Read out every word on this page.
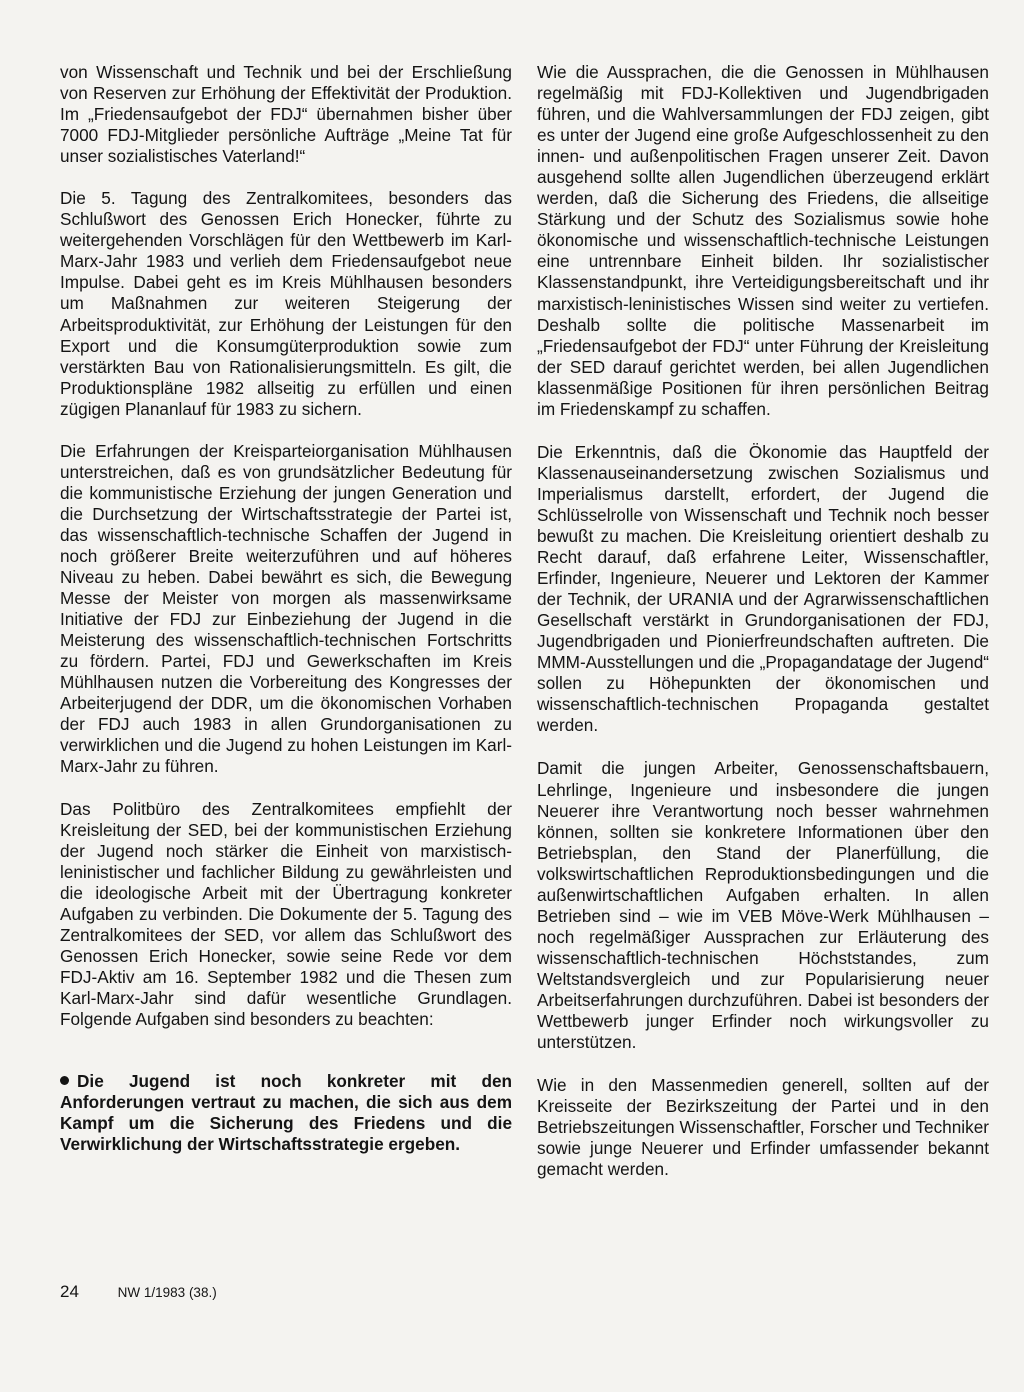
von Wissenschaft und Technik und bei der Erschließung von Reserven zur Erhöhung der Effektivität der Produktion. Im „Friedensaufgebot der FDJ“ übernahmen bisher über 7000 FDJ-Mitglieder persönliche Aufträge „Meine Tat für unser sozialistisches Vaterland!“

Die 5. Tagung des Zentralkomitees, besonders das Schlußwort des Genossen Erich Honecker, führte zu weitergehenden Vorschlägen für den Wettbewerb im Karl-Marx-Jahr 1983 und verlieh dem Friedensaufgebot neue Impulse. Dabei geht es im Kreis Mühlhausen besonders um Maßnahmen zur weiteren Steigerung der Arbeitsproduktivität, zur Erhöhung der Leistungen für den Export und die Konsumgüterproduktion sowie zum verstärkten Bau von Rationalisierungsmitteln. Es gilt, die Produktionspläne 1982 allseitig zu erfüllen und einen zügigen Plananlauf für 1983 zu sichern.

Die Erfahrungen der Kreisparteiorganisation Mühlhausen unterstreichen, daß es von grundsätzlicher Bedeutung für die kommunistische Erziehung der jungen Generation und die Durchsetzung der Wirtschaftsstrategie der Partei ist, das wissenschaftlich-technische Schaffen der Jugend in noch größerer Breite weiterzuführen und auf höheres Niveau zu heben. Dabei bewährt es sich, die Bewegung Messe der Meister von morgen als massenwirksame Initiative der FDJ zur Einbeziehung der Jugend in die Meisterung des wissenschaftlich-technischen Fortschritts zu fördern. Partei, FDJ und Gewerkschaften im Kreis Mühlhausen nutzen die Vorbereitung des Kongresses der Arbeiterjugend der DDR, um die ökonomischen Vorhaben der FDJ auch 1983 in allen Grundorganisationen zu verwirklichen und die Jugend zu hohen Leistungen im Karl-Marx-Jahr zu führen.

Das Politbüro des Zentralkomitees empfiehlt der Kreisleitung der SED, bei der kommunistischen Erziehung der Jugend noch stärker die Einheit von marxistisch-leninistischer und fachlicher Bildung zu gewährleisten und die ideologische Arbeit mit der Übertragung konkreter Aufgaben zu verbinden. Die Dokumente der 5. Tagung des Zentralkomitees der SED, vor allem das Schlußwort des Genossen Erich Honecker, sowie seine Rede vor dem FDJ-Aktiv am 16. September 1982 und die Thesen zum Karl-Marx-Jahr sind dafür wesentliche Grundlagen. Folgende Aufgaben sind besonders zu beachten:

Die Jugend ist noch konkreter mit den Anforderungen vertraut zu machen, die sich aus dem Kampf um die Sicherung des Friedens und die Verwirklichung der Wirtschaftsstrategie ergeben.

Wie die Aussprachen, die die Genossen in Mühlhausen regelmäßig mit FDJ-Kollektiven und Jugendbrigaden führen, und die Wahlversammlungen der FDJ zeigen, gibt es unter der Jugend eine große Aufgeschlossenheit zu den innen- und außenpolitischen Fragen unserer Zeit. Davon ausgehend sollte allen Jugendlichen überzeugend erklärt werden, daß die Sicherung des Friedens, die allseitige Stärkung und der Schutz des Sozialismus sowie hohe ökonomische und wissenschaftlich-technische Leistungen eine untrennbare Einheit bilden. Ihr sozialistischer Klassenstandpunkt, ihre Verteidigungsbereitschaft und ihr marxistisch-leninistisches Wissen sind weiter zu vertiefen. Deshalb sollte die politische Massenarbeit im „Friedensaufgebot der FDJ“ unter Führung der Kreisleitung der SED darauf gerichtet werden, bei allen Jugendlichen klassenmäßige Positionen für ihren persönlichen Beitrag im Friedenskampf zu schaffen.

Die Erkenntnis, daß die Ökonomie das Hauptfeld der Klassenauseinandersetzung zwischen Sozialismus und Imperialismus darstellt, erfordert, der Jugend die Schlüsselrolle von Wissenschaft und Technik noch besser bewußt zu machen. Die Kreisleitung orientiert deshalb zu Recht darauf, daß erfahrene Leiter, Wissenschaftler, Erfinder, Ingenieure, Neuerer und Lektoren der Kammer der Technik, der URANIA und der Agrarwissenschaftlichen Gesellschaft verstärkt in Grundorganisationen der FDJ, Jugendbrigaden und Pionierfreundschaften auftreten. Die MMM-Ausstellungen und die „Propagandatage der Jugend“ sollen zu Höhepunkten der ökonomischen und wissenschaftlich-technischen Propaganda gestaltet werden.

Damit die jungen Arbeiter, Genossenschaftsbauern, Lehrlinge, Ingenieure und insbesondere die jungen Neuerer ihre Verantwortung noch besser wahrnehmen können, sollten sie konkretere Informationen über den Betriebsplan, den Stand der Planerfüllung, die volkswirtschaftlichen Reproduktionsbedingungen und die außenwirtschaftlichen Aufgaben erhalten. In allen Betrieben sind – wie im VEB Möve-Werk Mühlhausen – noch regelmäßiger Aussprachen zur Erläuterung des wissenschaftlich-technischen Höchststandes, zum Weltstandsvergleich und zur Popularisierung neuer Arbeitserfahrungen durchzuführen. Dabei ist besonders der Wettbewerb junger Erfinder noch wirkungsvoller zu unterstützen.

Wie in den Massenmedien generell, sollten auf der Kreisseite der Bezirkszeitung der Partei und in den Betriebszeitungen Wissenschaftler, Forscher und Techniker sowie junge Neuerer und Erfinder umfassender bekannt gemacht werden.

24	NW 1/1983 (38.)
